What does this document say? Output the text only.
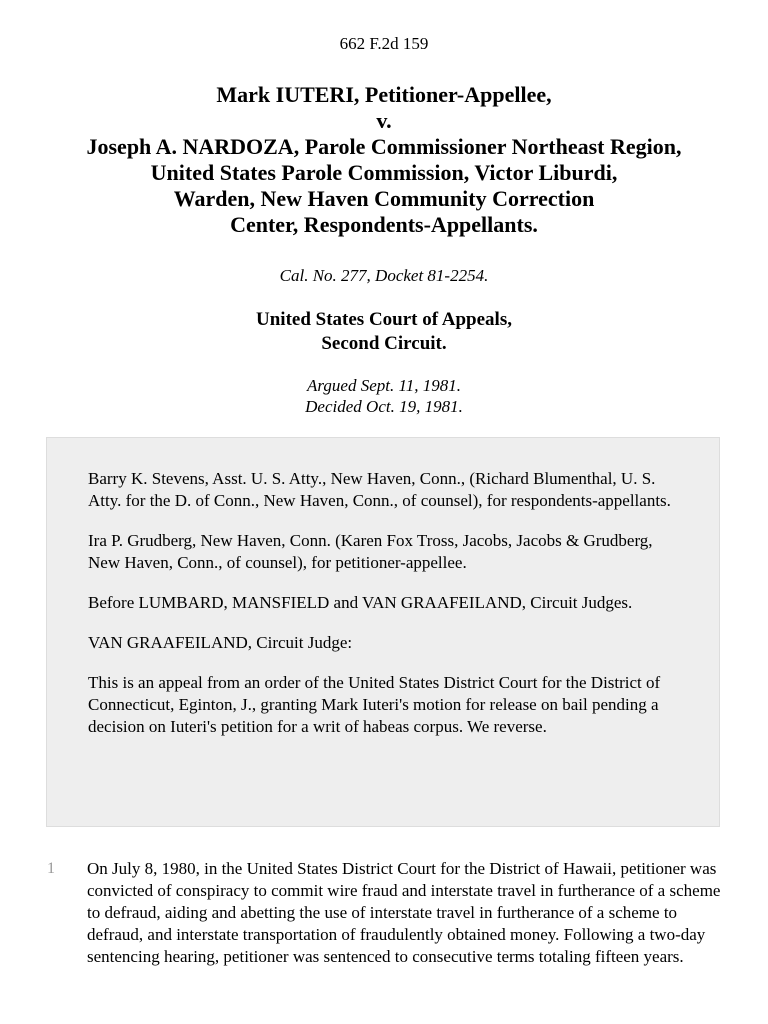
662 F.2d 159
Mark IUTERI, Petitioner-Appellee,
v.
Joseph A. NARDOZA, Parole Commissioner Northeast Region,
United States Parole Commission, Victor Liburdi,
Warden, New Haven Community Correction
Center, Respondents-Appellants.
Cal. No. 277, Docket 81-2254.
United States Court of Appeals,
Second Circuit.
Argued Sept. 11, 1981.
Decided Oct. 19, 1981.

Barry K. Stevens, Asst. U. S. Atty., New Haven, Conn., (Richard Blumenthal, U. S. Atty. for the D. of Conn., New Haven, Conn., of counsel), for respondents-appellants.

Ira P. Grudberg, New Haven, Conn. (Karen Fox Tross, Jacobs, Jacobs & Grudberg, New Haven, Conn., of counsel), for petitioner-appellee.

Before LUMBARD, MANSFIELD and VAN GRAAFEILAND, Circuit Judges.

VAN GRAAFEILAND, Circuit Judge:

This is an appeal from an order of the United States District Court for the District of Connecticut, Eginton, J., granting Mark Iuteri's motion for release on bail pending a decision on Iuteri's petition for a writ of habeas corpus. We reverse.

1 On July 8, 1980, in the United States District Court for the District of Hawaii, petitioner was convicted of conspiracy to commit wire fraud and interstate travel in furtherance of a scheme to defraud, aiding and abetting the use of interstate travel in furtherance of a scheme to defraud, and interstate transportation of fraudulently obtained money. Following a two-day sentencing hearing, petitioner was sentenced to consecutive terms totaling fifteen years.
